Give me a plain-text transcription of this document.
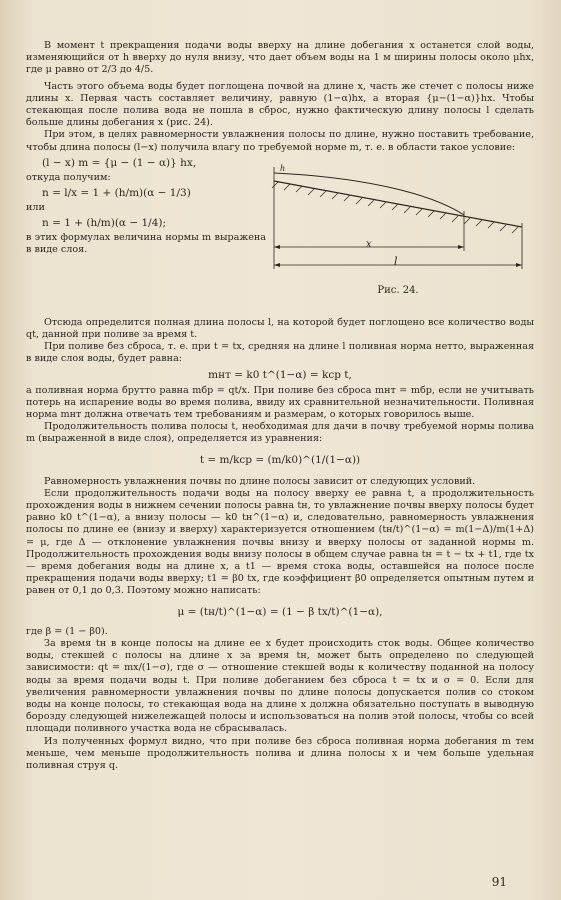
В момент t прекращения подачи воды вверху на длине добегания x останется слой воды, изменяющийся от h вверху до нуля внизу, что дает объем воды на 1 м ширины полосы около μhx, где μ равно от 2/3 до 4/5.

Часть этого объема воды будет поглощена почвой на длине x, часть же стечет с полосы ниже длины x. Первая часть составляет величину, равную (1−α)hx, а вторая {μ−(1−α)}hx. Чтобы стекающая после полива вода не пошла в сброс, нужно фактическую длину полосы l сделать больше длины добегания x (рис. 24).

При этом, в целях равномерности увлажнения полосы по длине, нужно поставить требование, чтобы длина полосы (l−x) получила влагу по требуемой норме m, т. е. в области такое условие:

(l − x) m = {μ − (1 − α)} hx,

откуда получим:

n = l/x = 1 + (h/m)(α − 1/3)

или

n = 1 + (h/m)(α − 1/4);

в этих формулах величина нормы m выражена в виде слоя.

h
x
l
Рис. 24.

Отсюда определится полная длина полосы l, на которой будет поглощено все количество воды qt, данной при поливе за время t.

При поливе без сброса, т. е. при t = tx, средняя на длине l поливная норма нетто, выраженная в виде слоя воды, будет равна:

mнт = k0 t^(1−α) = kср t,

а поливная норма брутто равна mбр = qt/x. При поливе без сброса mнт = mбр, если не учитывать потерь на испарение воды во время полива, ввиду их сравнительной незначительности. Поливная норма mнт должна отвечать тем требованиям и размерам, о которых говорилось выше.

Продолжительность полива полосы t, необходимая для дачи в почву требуемой нормы полива m (выраженной в виде слоя), определяется из уравнения:

t = m/kср = (m/k0)^(1/(1−α))

Равномерность увлажнения почвы по длине полосы зависит от следующих условий.

Если продолжительность подачи воды на полосу вверху ее равна t, а продолжительность прохождения воды в нижнем сечении полосы равна tн, то увлажнение почвы вверху полосы будет равно k0 t^(1−α), а внизу полосы — k0 tн^(1−α) и, следовательно, равномерность увлажнения полосы по длине ее (внизу и вверху) характеризуется отношением (tн/t)^(1−α) = m(1−Δ)/m(1+Δ) = μ, где Δ — отклонение увлажнения почвы внизу и вверху полосы от заданной нормы m. Продолжительность прохождения воды внизу полосы в общем случае равна tн = t − tx + t1, где tx — время добегания воды на длине x, а t1 — время стока воды, оставшейся на полосе после прекращения подачи воды вверху; t1 = β0 tx, где коэффициент β0 определяется опытным путем и равен от 0,1 до 0,3. Поэтому можно написать:

μ = (tн/t)^(1−α) = (1 − β tx/t)^(1−α),

где β = (1 − β0).

За время tн в конце полосы на длине ее x будет происходить сток воды. Общее количество воды, стекшей с полосы на длине x за время tн, может быть определено по следующей зависимости: qt = mx/(1−σ), где σ — отношение стекшей воды к количеству поданной на полосу воды за время подачи воды t. При поливе добеганием без сброса t = tx и σ = 0. Если для увеличения равномерности увлажнения почвы по длине полосы допускается полив со стоком воды на конце полосы, то стекающая вода на длине x должна обязательно поступать в выводную борозду следующей нижележащей полосы и использоваться на полив этой полосы, чтобы со всей площади поливного участка вода не сбрасывалась.

Из полученных формул видно, что при поливе без сброса поливная норма добегания m тем меньше, чем меньше продолжительность полива и длина полосы x и чем больше удельная поливная струя q.

91
